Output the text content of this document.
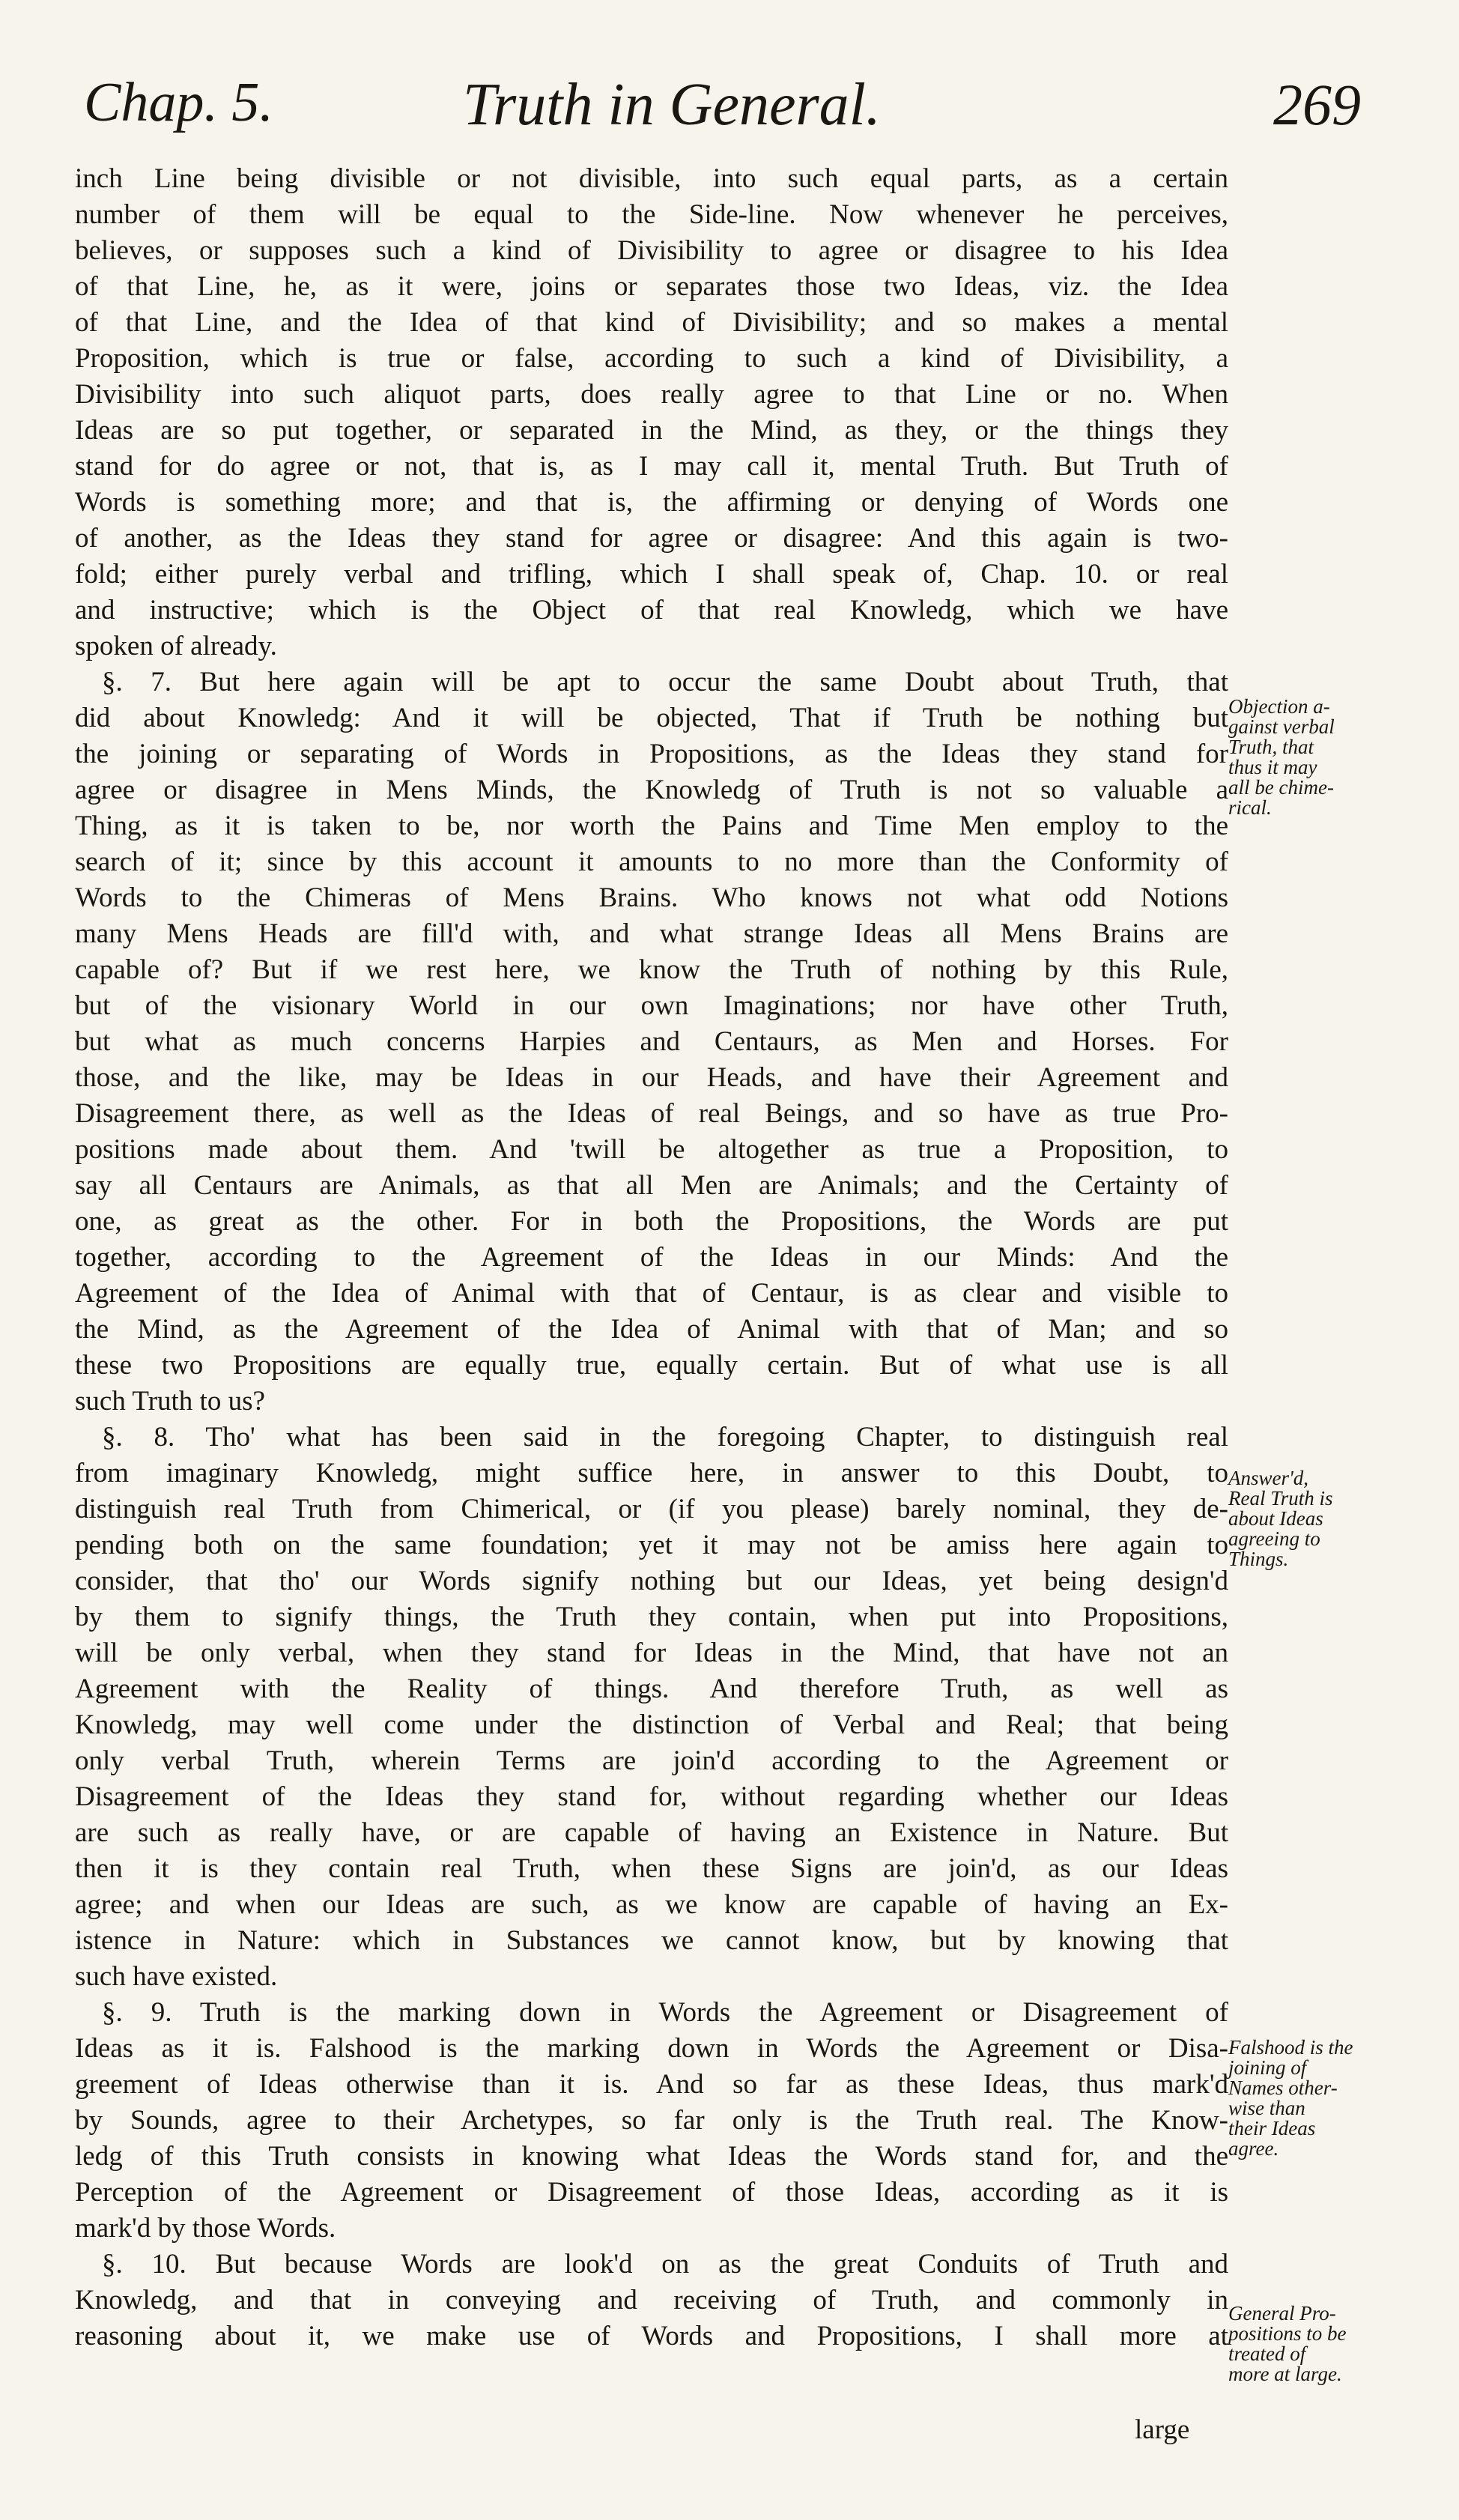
Chap. 5.	Truth in General.	269
inch Line being divisible or not divisible, into such equal parts, as a certain
number of them will be equal to the Side-line. Now whenever he perceives,
believes, or supposes such a kind of Divisibility to agree or disagree to his Idea
of that Line, he, as it were, joins or separates those two Ideas, viz. the Idea
of that Line, and the Idea of that kind of Divisibility; and so makes a mental
Proposition, which is true or false, according to such a kind of Divisibility, a
Divisibility into such aliquot parts, does really agree to that Line or no. When
Ideas are so put together, or separated in the Mind, as they, or the things they
stand for do agree or not, that is, as I may call it, mental Truth. But Truth of
Words is something more; and that is, the affirming or denying of Words one
of another, as the Ideas they stand for agree or disagree: And this again is two-
fold; either purely verbal and trifling, which I shall speak of, Chap. 10. or real
and instructive; which is the Object of that real Knowledg, which we have
spoken of already.
§. 7. But here again will be apt to occur the same Doubt about Truth, that
did about Knowledg: And it will be objected, That if Truth be nothing but
the joining or separating of Words in Propositions, as the Ideas they stand for
agree or disagree in Mens Minds, the Knowledg of Truth is not so valuable a
Thing, as it is taken to be, nor worth the Pains and Time Men employ to the
search of it; since by this account it amounts to no more than the Conformity of
Words to the Chimeras of Mens Brains. Who knows not what odd Notions
many Mens Heads are fill'd with, and what strange Ideas all Mens Brains are
capable of? But if we rest here, we know the Truth of nothing by this Rule,
but of the visionary World in our own Imaginations; nor have other Truth,
but what as much concerns Harpies and Centaurs, as Men and Horses. For
those, and the like, may be Ideas in our Heads, and have their Agreement and
Disagreement there, as well as the Ideas of real Beings, and so have as true Pro-
positions made about them. And 'twill be altogether as true a Proposition, to
say all Centaurs are Animals, as that all Men are Animals; and the Certainty of
one, as great as the other. For in both the Propositions, the Words are put
together, according to the Agreement of the Ideas in our Minds: And the
Agreement of the Idea of Animal with that of Centaur, is as clear and visible to
the Mind, as the Agreement of the Idea of Animal with that of Man; and so
these two Propositions are equally true, equally certain. But of what use is all
such Truth to us?
§. 8. Tho' what has been said in the foregoing Chapter, to distinguish real
from imaginary Knowledg, might suffice here, in answer to this Doubt, to
distinguish real Truth from Chimerical, or (if you please) barely nominal, they de-
pending both on the same foundation; yet it may not be amiss here again to
consider, that tho' our Words signify nothing but our Ideas, yet being design'd
by them to signify things, the Truth they contain, when put into Propositions,
will be only verbal, when they stand for Ideas in the Mind, that have not an
Agreement with the Reality of things. And therefore Truth, as well as
Knowledg, may well come under the distinction of Verbal and Real; that being
only verbal Truth, wherein Terms are join'd according to the Agreement or
Disagreement of the Ideas they stand for, without regarding whether our Ideas
are such as really have, or are capable of having an Existence in Nature. But
then it is they contain real Truth, when these Signs are join'd, as our Ideas
agree; and when our Ideas are such, as we know are capable of having an Ex-
istence in Nature: which in Substances we cannot know, but by knowing that
such have existed.
§. 9. Truth is the marking down in Words the Agreement or Disagreement of
Ideas as it is. Falshood is the marking down in Words the Agreement or Disa-
greement of Ideas otherwise than it is. And so far as these Ideas, thus mark'd
by Sounds, agree to their Archetypes, so far only is the Truth real. The Know-
ledg of this Truth consists in knowing what Ideas the Words stand for, and the
Perception of the Agreement or Disagreement of those Ideas, according as it is
mark'd by those Words.
§. 10. But because Words are look'd on as the great Conduits of Truth and
Knowledg, and that in conveying and receiving of Truth, and commonly in
reasoning about it, we make use of Words and Propositions, I shall more at
Objection a-
gainst verbal
Truth, that
thus it may
all be chime-
rical.
Answer'd,
Real Truth is
about Ideas
agreeing to
Things.
Falshood is the
joining of
Names other-
wise than
their Ideas
agree.
General Pro-
positions to be
treated of
more at large.
large
